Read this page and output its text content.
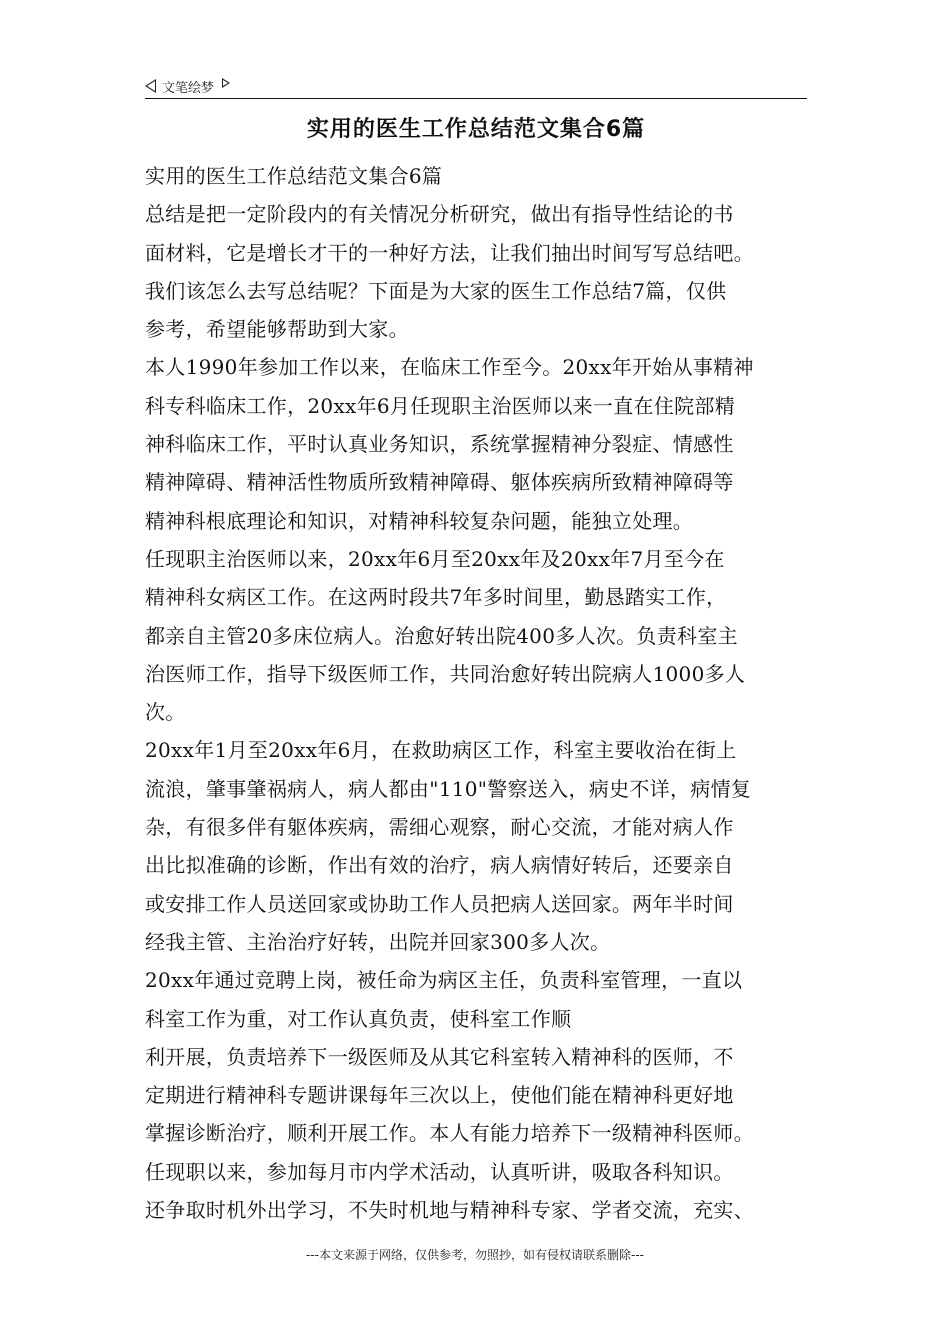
文笔绘梦
实用的医生工作总结范文集合6篇
实用的医生工作总结范文集合6篇
总结是把一定阶段内的有关情况分析研究，做出有指导性结论的书
面材料，它是增长才干的一种好方法，让我们抽出时间写写总结吧。
我们该怎么去写总结呢？下面是为大家的医生工作总结7篇，仅供
参考，希望能够帮助到大家。
本人1990年参加工作以来，在临床工作至今。20xx年开始从事精神
科专科临床工作，20xx年6月任现职主治医师以来一直在住院部精
神科临床工作，平时认真业务知识，系统掌握精神分裂症、情感性
精神障碍、精神活性物质所致精神障碍、躯体疾病所致精神障碍等
精神科根底理论和知识，对精神科较复杂问题，能独立处理。
任现职主治医师以来，20xx年6月至20xx年及20xx年7月至今在
精神科女病区工作。在这两时段共7年多时间里，勤恳踏实工作，
都亲自主管20多床位病人。治愈好转出院400多人次。负责科室主
治医师工作，指导下级医师工作，共同治愈好转出院病人1000多人
次。
20xx年1月至20xx年6月，在救助病区工作，科室主要收治在街上
流浪，肇事肇祸病人，病人都由"110"警察送入，病史不详，病情复
杂，有很多伴有躯体疾病，需细心观察，耐心交流，才能对病人作
出比拟准确的诊断，作出有效的治疗，病人病情好转后，还要亲自
或安排工作人员送回家或协助工作人员把病人送回家。两年半时间
经我主管、主治治疗好转，出院并回家300多人次。
20xx年通过竞聘上岗，被任命为病区主任，负责科室管理，一直以
科室工作为重，对工作认真负责，使科室工作顺
利开展，负责培养下一级医师及从其它科室转入精神科的医师，不
定期进行精神科专题讲课每年三次以上，使他们能在精神科更好地
掌握诊断治疗，顺利开展工作。本人有能力培养下一级精神科医师。
任现职以来，参加每月市内学术活动，认真听讲，吸取各科知识。
还争取时机外出学习，不失时机地与精神科专家、学者交流，充实、
---本文来源于网络，仅供参考，勿照抄，如有侵权请联系删除---
